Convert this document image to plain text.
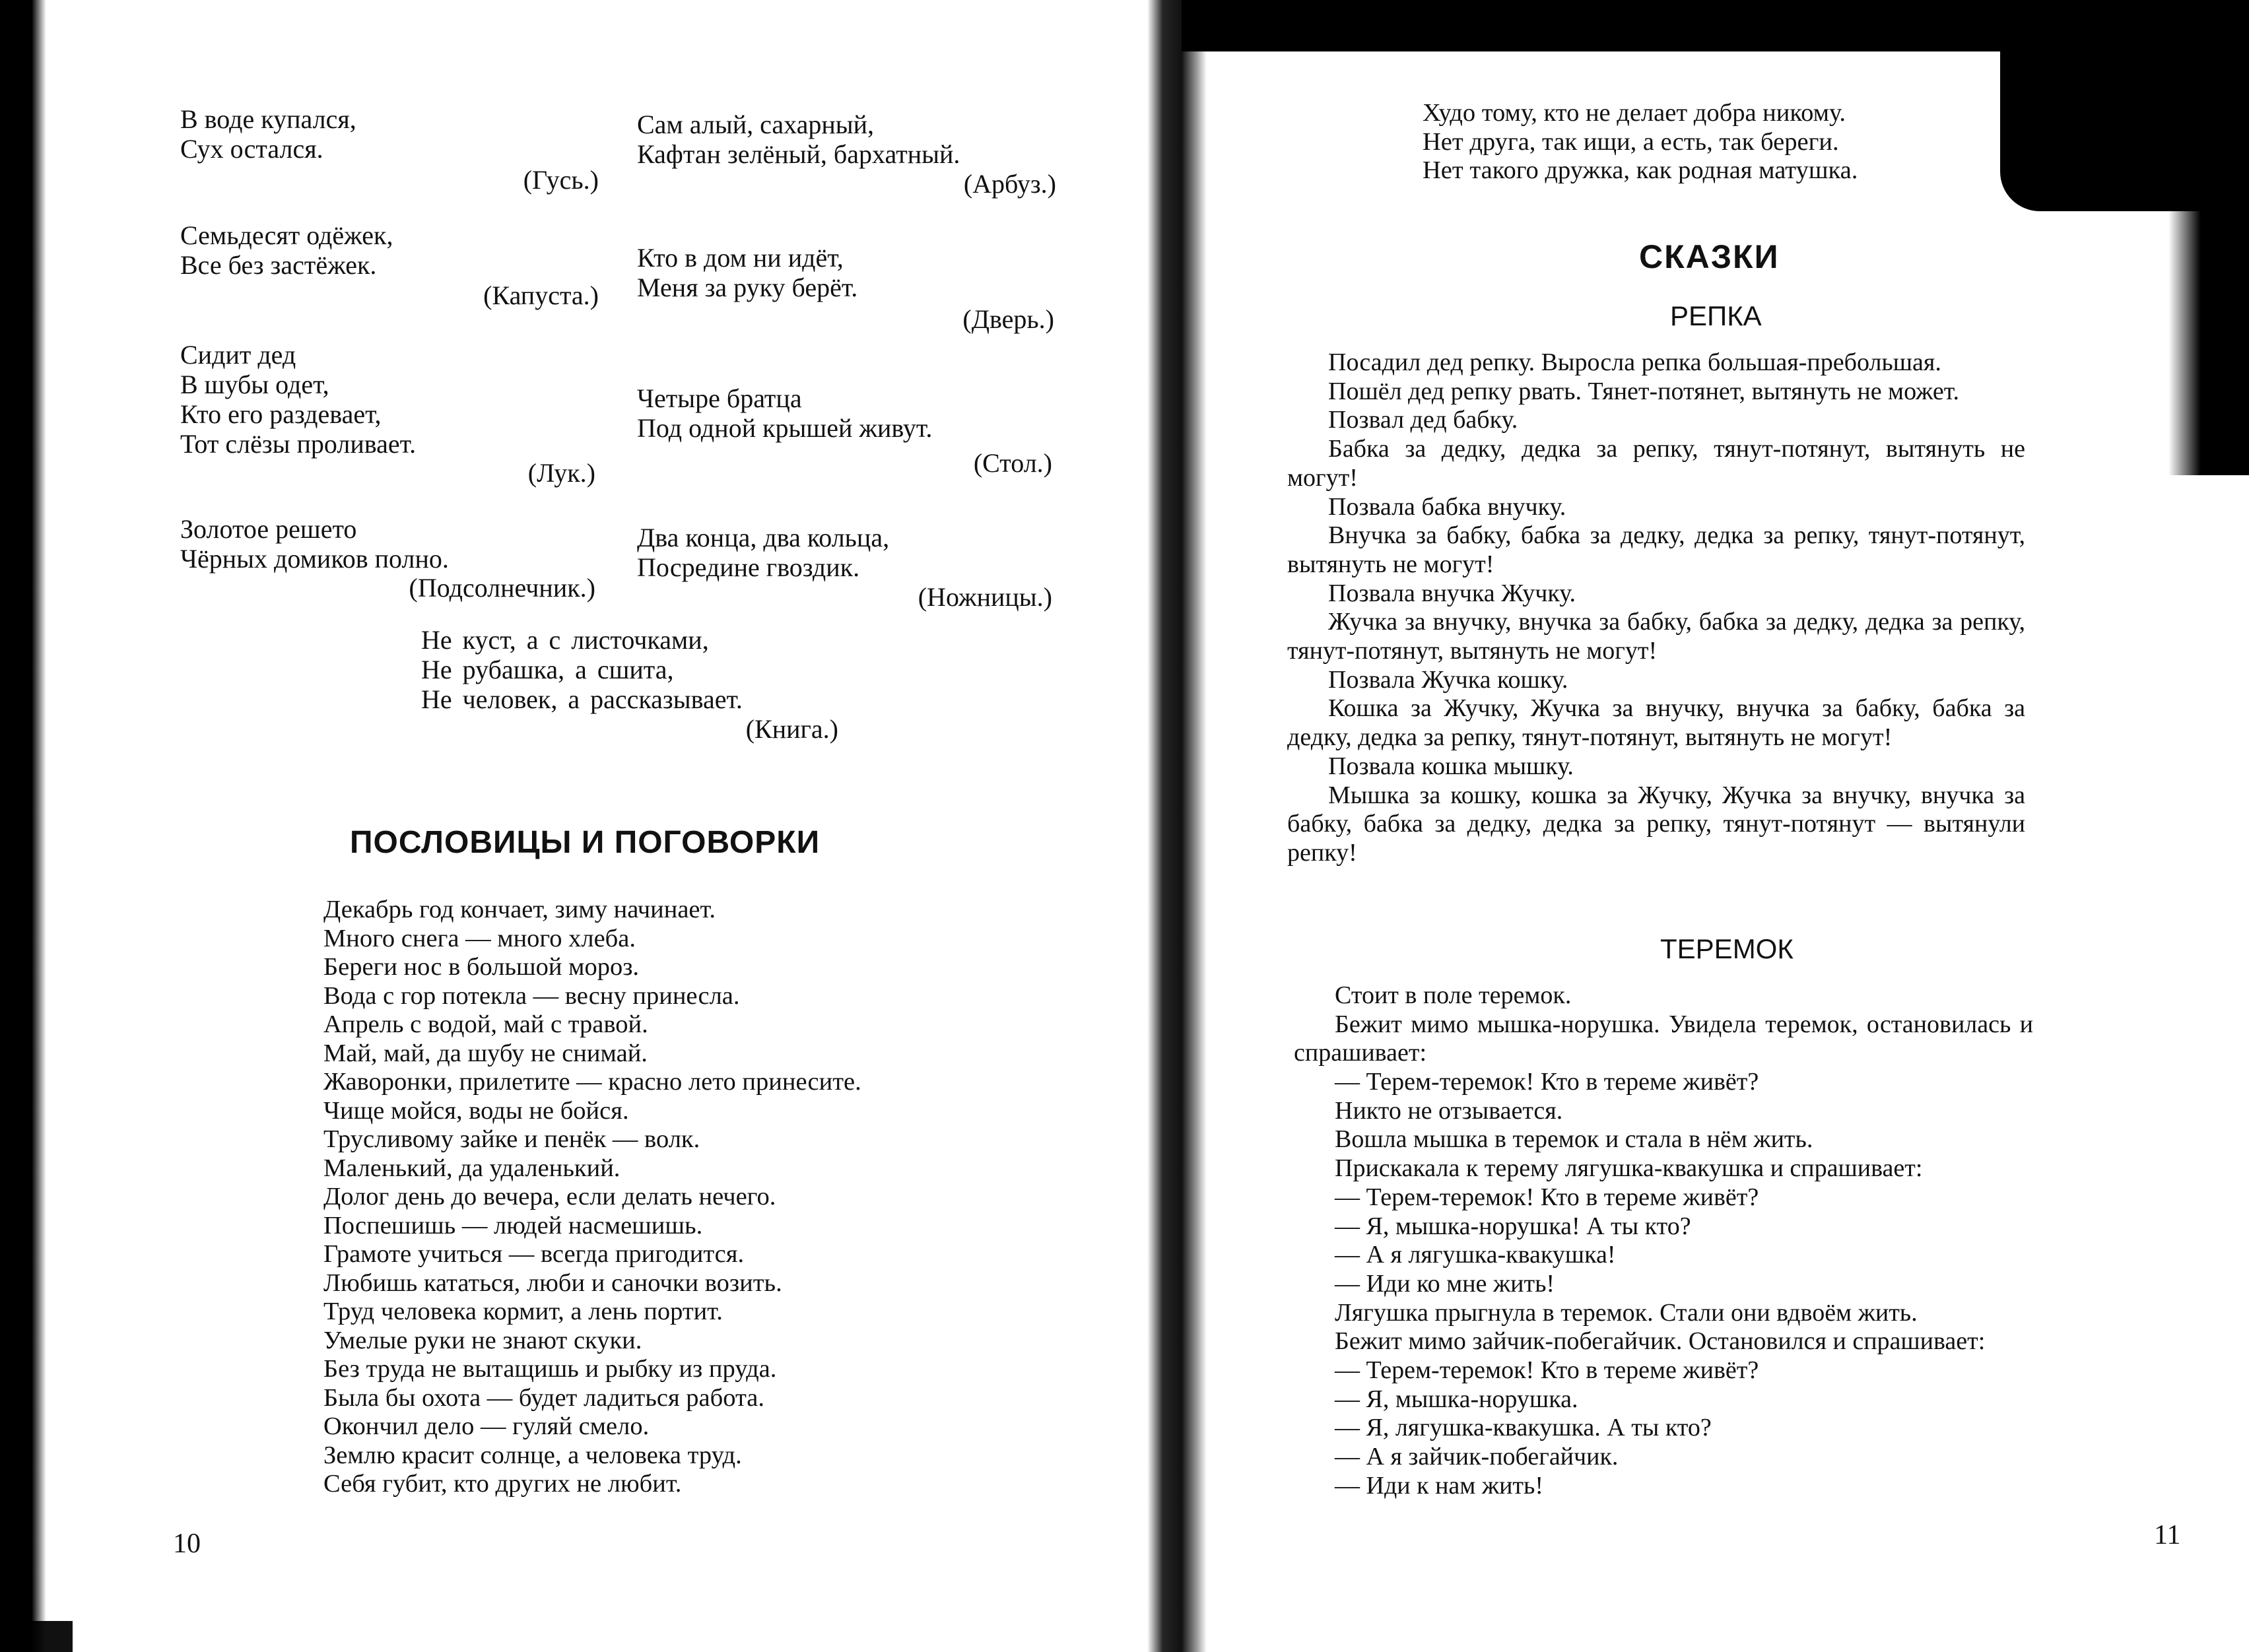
В воде купался,
Сух остался.
(Гусь.)
Сам алый, сахарный,
Кафтан зелёный, бархатный.
(Арбуз.)
Семьдесят одёжек,
Все без застёжек.
(Капуста.)
Кто в дом ни идёт,
Меня за руку берёт.
(Дверь.)
Сидит дед
В шубы одет,
Кто его раздевает,
Тот слёзы проливает.
(Лук.)
Четыре братца
Под одной крышей живут.
(Стол.)
Золотое решето
Чёрных домиков полно.
(Подсолнечник.)
Два конца, два кольца,
Посредине гвоздик.
(Ножницы.)
Не куст, а с листочками,
Не рубашка, а сшита,
Не человек, а рассказывает.
(Книга.)
ПОСЛОВИЦЫ И ПОГОВОРКИ
Декабрь год кончает, зиму начинает.
Много снега — много хлеба.
Береги нос в большой мороз.
Вода с гор потекла — весну принесла.
Апрель с водой, май с травой.
Май, май, да шубу не снимай.
Жаворонки, прилетите — красно лето принесите.
Чище мойся, воды не бойся.
Трусливому зайке и пенёк — волк.
Маленький, да удаленький.
Долог день до вечера, если делать нечего.
Поспешишь — людей насмешишь.
Грамоте учиться — всегда пригодится.
Любишь кататься, люби и саночки возить.
Труд человека кормит, а лень портит.
Умелые руки не знают скуки.
Без труда не вытащишь и рыбку из пруда.
Была бы охота — будет ладиться работа.
Окончил дело — гуляй смело.
Землю красит солнце, а человека труд.
Себя губит, кто других не любит.
10
Худо тому, кто не делает добра никому.
Нет друга, так ищи, а есть, так береги.
Нет такого дружка, как родная матушка.
СКАЗКИ
РЕПКА
Посадил дед репку. Выросла репка большая-пребольшая.
Пошёл дед репку рвать. Тянет-потянет, вытянуть не может.
Позвал дед бабку.
Бабка за дедку, дедка за репку, тянут-потянут, вытянуть не могут!
Позвала бабка внучку.
Внучка за бабку, бабка за дедку, дедка за репку, тянут-потянут, вытянуть не могут!
Позвала внучка Жучку.
Жучка за внучку, внучка за бабку, бабка за дедку, дедка за репку, тянут-потянут, вытянуть не могут!
Позвала Жучка кошку.
Кошка за Жучку, Жучка за внучку, внучка за бабку, бабка за дедку, дедка за репку, тянут-потянут, вытянуть не могут!
Позвала кошка мышку.
Мышка за кошку, кошка за Жучку, Жучка за внучку, внучка за бабку, бабка за дедку, дедка за репку, тянут-потянут — вытянули репку!
ТЕРЕМОК
Стоит в поле теремок.
Бежит мимо мышка-норушка. Увидела теремок, остановилась и спрашивает:
— Терем-теремок! Кто в тереме живёт?
Никто не отзывается.
Вошла мышка в теремок и стала в нём жить.
Прискакала к терему лягушка-квакушка и спрашивает:
— Терем-теремок! Кто в тереме живёт?
— Я, мышка-норушка! А ты кто?
— А я лягушка-квакушка!
— Иди ко мне жить!
Лягушка прыгнула в теремок. Стали они вдвоём жить.
Бежит мимо зайчик-побегайчик. Остановился и спрашивает:
— Терем-теремок! Кто в тереме живёт?
— Я, мышка-норушка.
— Я, лягушка-квакушка. А ты кто?
— А я зайчик-побегайчик.
— Иди к нам жить!
11
